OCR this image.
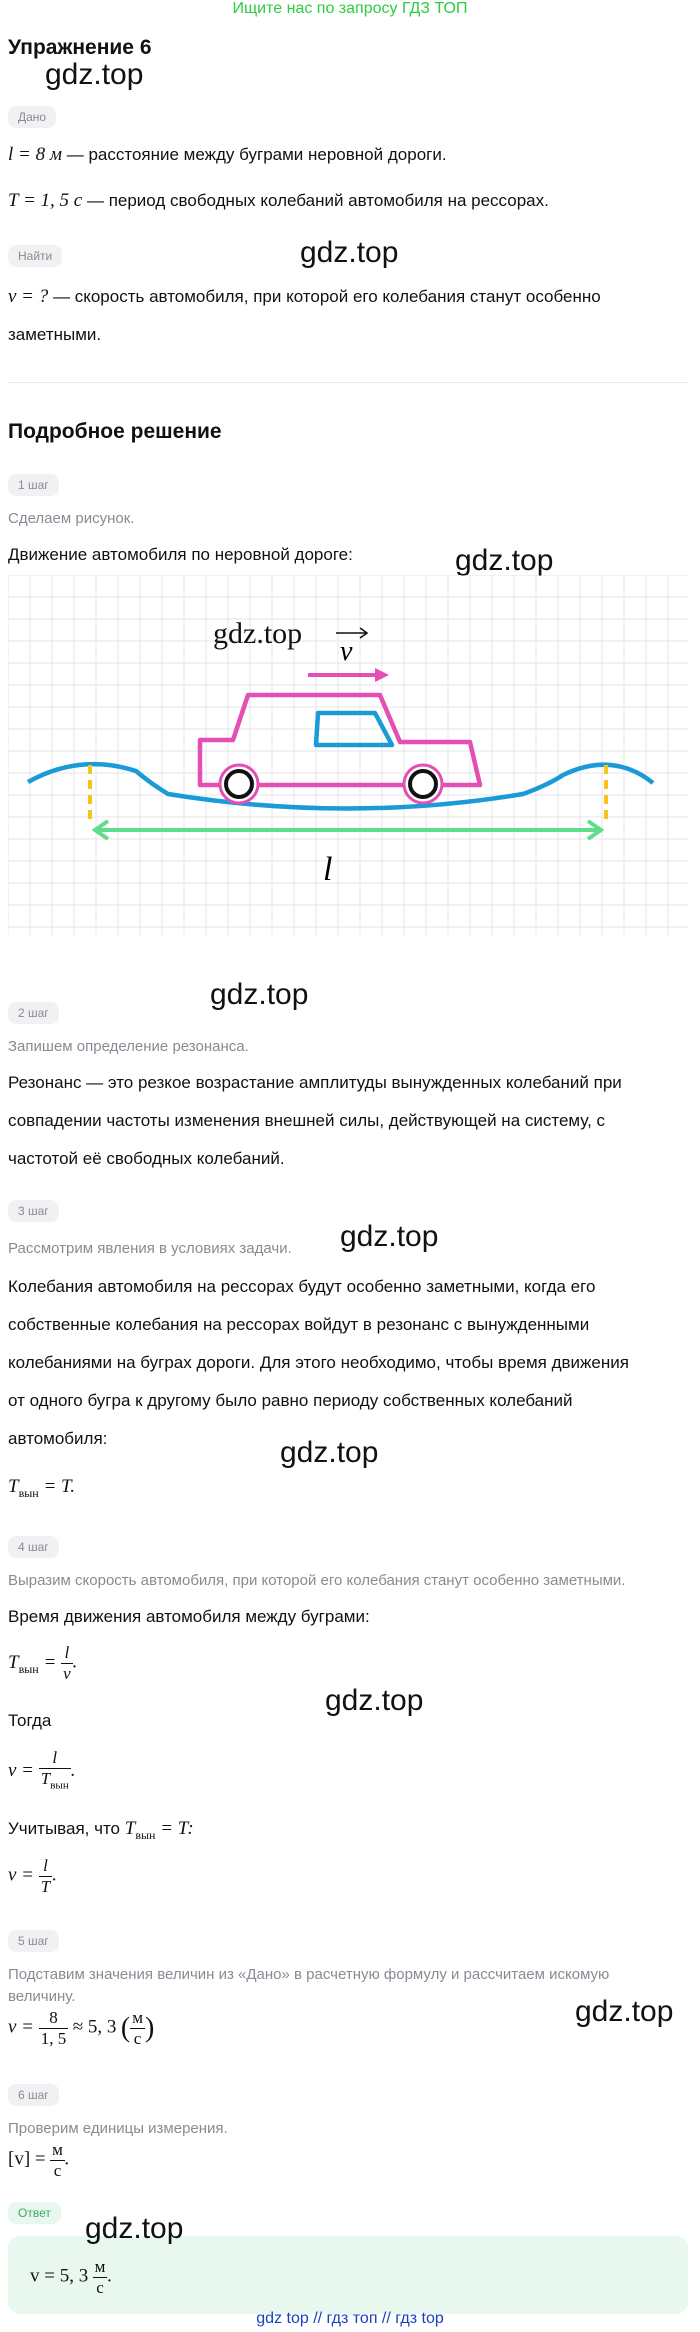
Ищите нас по запросу ГДЗ ТОП
Упражнение 6
gdz.top
Дано
l = 8 м — расстояние между буграми неровной дороги.
T = 1, 5 с — период свободных колебаний автомобиля на рессорах.
Найти	gdz.top
v = ? — скорость автомобиля, при которой его колебания станут особенно
заметными.
Подробное решение
1 шаг
Сделаем рисунок.
Движение автомобиля по неровной дороге:	gdz.top
l
v
gdz.top
gdz.top
2 шаг
Запишем определение резонанса.
Резонанс — это резкое возрастание амплитуды вынужденных колебаний при
совпадении частоты изменения внешней силы, действующей на систему, с
частотой её свободных колебаний.
3 шаг
gdz.top
Рассмотрим явления в условиях задачи.
Колебания автомобиля на рессорах будут особенно заметными, когда его
собственные колебания на рессорах войдут в резонанс с вынужденными
колебаниями на буграх дороги. Для этого необходимо, чтобы время движения
от одного бугра к другому было равно периоду собственных колебаний
автомобиля:	gdz.top
$T_{вын} = T$.
4 шаг
Выразим скорость автомобиля, при которой его колебания станут особенно заметными.
Время движения автомобиля между буграми:
$T_{вын} = \frac{l}{v}$ .
gdz.top
Тогда
$v = \frac{l}{T_{вын}}$ .
Учитывая, что $T_{вын} = T$:
$v = \frac{l}{T}$ .
5 шаг
Подставим значения величин из «Дано» в расчетную формулу и рассчитаем искомую
величину.
$v = \frac{8}{1, 5} \approx 5$, 3 ( $\frac{м}{с}$ )	gdz.top
6 шаг
Проверим единицы измерения.
$[v] = \frac{м}{с}$ .
Ответ	gdz.top
v = 5, $3 \frac{м}{с}$ .
gdz top // гдз топ // гдз top
